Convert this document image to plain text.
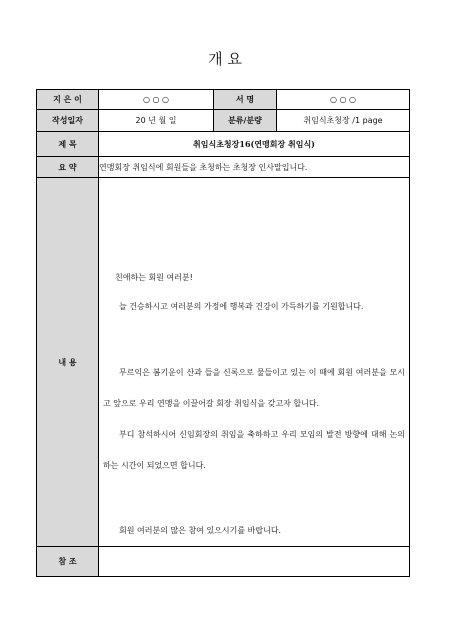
개 요
지 은 이	○ ○ ○	서 명	○ ○ ○
작성일자	20 년 월 일	분류/분량	취임식초청장 /1 page
제 목	취임식초청장16(연맹회장 취임식)		
요 약	연맹회장 취임식에 회원들을 초청하는 초청장 인사말입니다.		
내 용	친애하는 회원 여러분!

늘 건승하시고 여러분의 가정에 행복과 건강이 가득하기를 기원합니다.

무르익은 봄기운이 산과 들을 신록으로 물들이고 있는 이 때에 회원 여러분을 모시고 앞으로 우리 연맹을 이끌어갈 회장 취임식을 갖고자 합니다.

부디 참석하시어 신임회장의 취임을 축하하고 우리 모임의 발전 방향에 대해 논의하는 시간이 되었으면 합니다.

회원 여러분의 많은 참여 있으시기를 바랍니다.		

참 조			
